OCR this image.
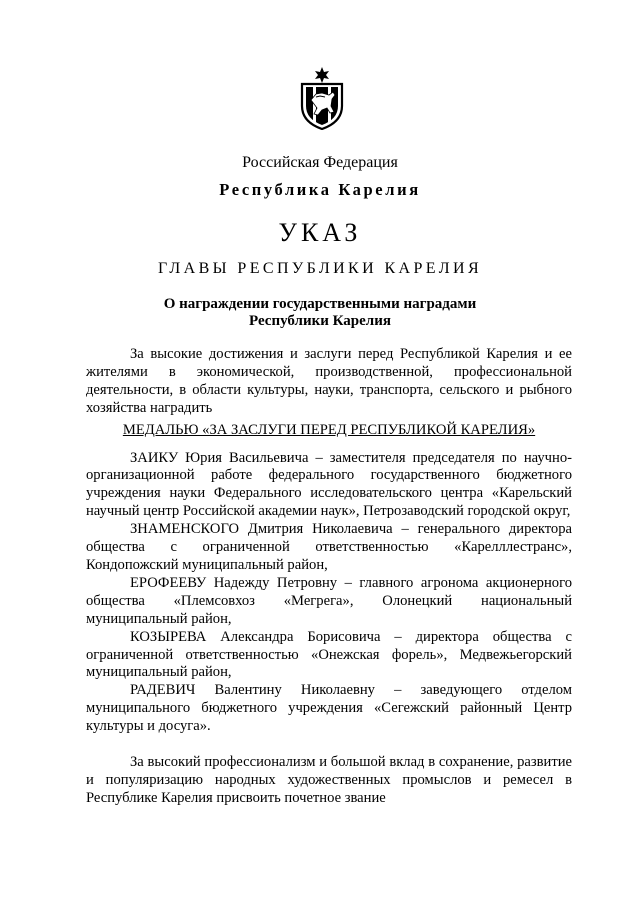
Российская Федерация
Республика Карелия
УКАЗ
ГЛАВЫ РЕСПУБЛИКИ КАРЕЛИЯ
О награждении государственными наградами
Республики Карелия

За высокие достижения и заслуги перед Республикой Карелия и ее жителями в экономической, производственной, профессиональной деятельности, в области культуры, науки, транспорта, сельского и рыбного хозяйства наградить

МЕДАЛЬЮ «ЗА ЗАСЛУГИ ПЕРЕД РЕСПУБЛИКОЙ КАРЕЛИЯ»

ЗАИКУ Юрия Васильевича – заместителя председателя по научно-организационной работе федерального государственного бюджетного учреждения науки Федерального исследовательского центра «Карельский научный центр Российской академии наук», Петрозаводский городской округ,

ЗНАМЕНСКОГО Дмитрия Николаевича – генерального директора общества с ограниченной ответственностью «Карелллестранс», Кондопожский муниципальный район,

ЕРОФЕЕВУ Надежду Петровну – главного агронома акционерного общества «Племсовхоз «Мегрега», Олонецкий национальный муниципальный район,

КОЗЫРЕВА Александра Борисовича – директора общества с ограниченной ответственностью «Онежская форель», Медвежьегорский муниципальный район,

РАДЕВИЧ Валентину Николаевну – заведующего отделом муниципального бюджетного учреждения «Сегежский районный Центр культуры и досуга».

За высокий профессионализм и большой вклад в сохранение, развитие и популяризацию народных художественных промыслов и ремесел в Республике Карелия присвоить почетное звание
